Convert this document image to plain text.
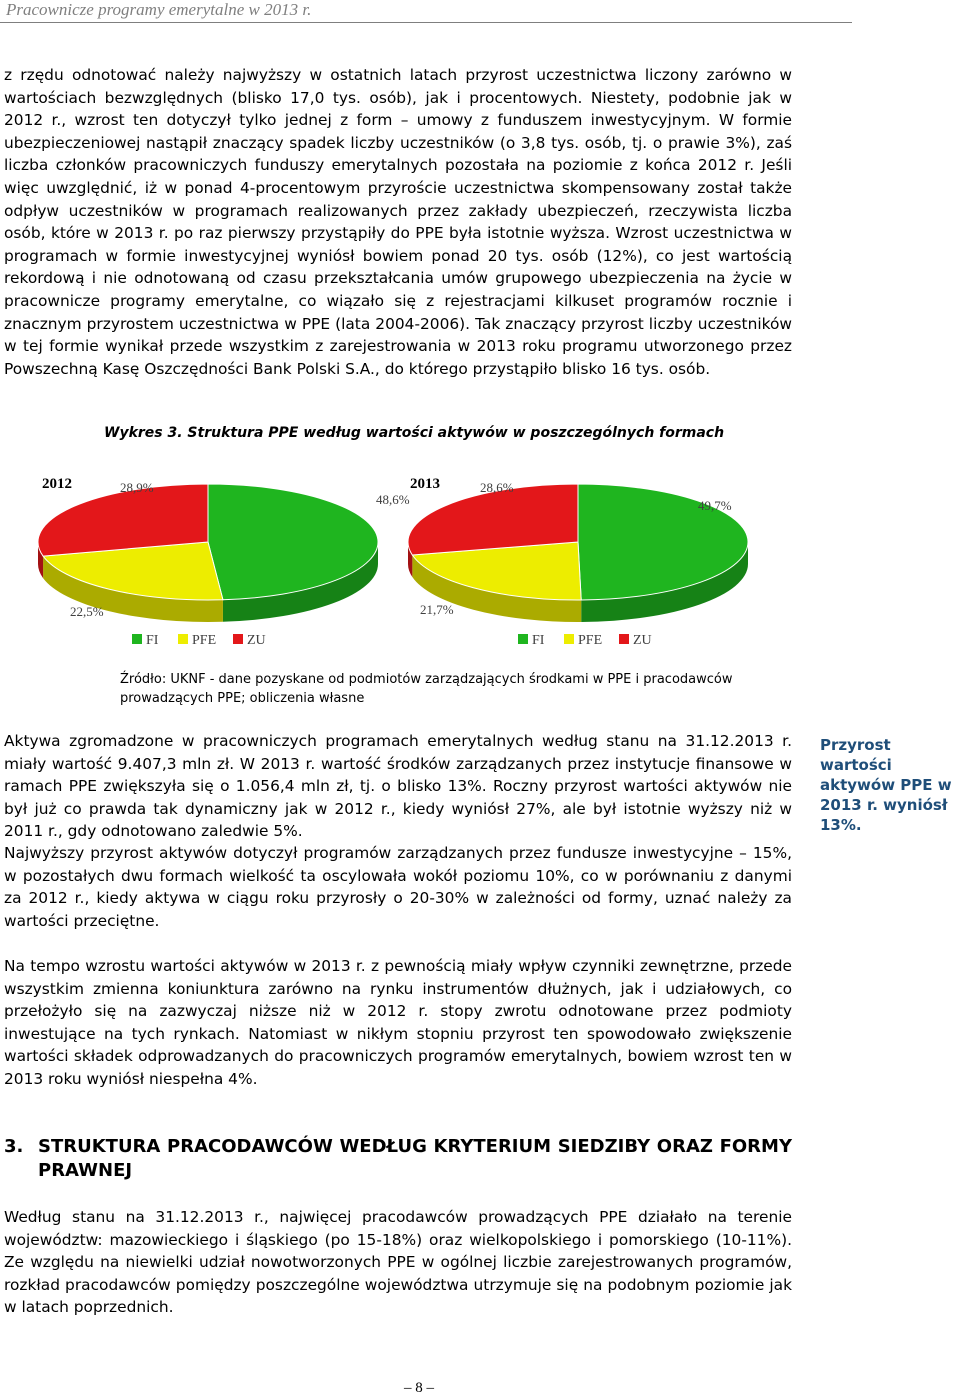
Pracownicze programy emerytalne w 2013 r.

z rzędu odnotować należy najwyższy w ostatnich latach przyrost uczestnictwa liczony zarówno w wartościach bezwzględnych (blisko 17,0 tys. osób), jak i procentowych. Niestety, podobnie jak w 2012 r., wzrost ten dotyczył tylko jednej z form – umowy z funduszem inwestycyjnym. W formie ubezpieczeniowej nastąpił znaczący spadek liczby uczestników (o 3,8 tys. osób, tj. o prawie 3%), zaś liczba członków pracowniczych funduszy emerytalnych pozostała na poziomie z końca 2012 r. Jeśli więc uwzględnić, iż w ponad 4-procentowym przyroście uczestnictwa skompensowany został także odpływ uczestników w programach realizowanych przez zakłady ubezpieczeń, rzeczywista liczba osób, które w 2013 r. po raz pierwszy przystąpiły do PPE była istotnie wyższa. Wzrost uczestnictwa w programach w formie inwestycyjnej wyniósł bowiem ponad 20 tys. osób (12%), co jest wartością rekordową i nie odnotowaną od czasu przekształcania umów grupowego ubezpieczenia na życie w pracownicze programy emerytalne, co wiązało się z rejestracjami kilkuset programów rocznie i znacznym przyrostem uczestnictwa w PPE (lata 2004-2006). Tak znaczący przyrost liczby uczestników w tej formie wynikał przede wszystkim z zarejestrowania w 2013 roku programu utworzonego przez Powszechną Kasę Oszczędności Bank Polski S.A., do którego przystąpiło blisko 16 tys. osób.

Wykres 3. Struktura PPE według wartości aktywów w poszczególnych formach
2012
48,6%
22,5%
28,9%
FI PFE ZU
2013
49,7%
21,7%
28,6%
FI PFE ZU
Źródło: UKNF - dane pozyskane od podmiotów zarządzających środkami w PPE i pracodawców prowadzących PPE; obliczenia własne

Aktywa zgromadzone w pracowniczych programach emerytalnych według stanu na 31.12.2013 r. miały wartość 9.407,3 mln zł. W 2013 r. wartość środków zarządzanych przez instytucje finansowe w ramach PPE zwiększyła się o 1.056,4 mln zł, tj. o blisko 13%. Roczny przyrost wartości aktywów nie był już co prawda tak dynamiczny jak w 2012 r., kiedy wyniósł 27%, ale był istotnie wyższy niż w 2011 r., gdy odnotowano zaledwie 5%.

Najwyższy przyrost aktywów dotyczył programów zarządzanych przez fundusze inwestycyjne – 15%, w pozostałych dwu formach wielkość ta oscylowała wokół poziomu 10%, co w porównaniu z danymi za 2012 r., kiedy aktywa w ciągu roku przyrosły o 20-30% w zależności od formy, uznać należy za wartości przeciętne.

Na tempo wzrostu wartości aktywów w 2013 r. z pewnością miały wpływ czynniki zewnętrzne, przede wszystkim zmienna koniunktura zarówno na rynku instrumentów dłużnych, jak i udziałowych, co przełożyło się na zazwyczaj niższe niż w 2012 r. stopy zwrotu odnotowane przez podmioty inwestujące na tych rynkach. Natomiast w nikłym stopniu przyrost ten spowodowało zwiększenie wartości składek odprowadzanych do pracowniczych programów emerytalnych, bowiem wzrost ten w 2013 roku wyniósł niespełna 4%.

Przyrost wartości aktywów PPE w 2013 r. wyniósł 13%.
3. STRUKTURA PRACODAWCÓW WEDŁUG KRYTERIUM SIEDZIBY ORAZ FORMY PRAWNEJ

Według stanu na 31.12.2013 r., najwięcej pracodawców prowadzących PPE działało na terenie województw: mazowieckiego i śląskiego (po 15-18%) oraz wielkopolskiego i pomorskiego (10-11%). Ze względu na niewielki udział nowotworzonych PPE w ogólnej liczbie zarejestrowanych programów, rozkład pracodawców pomiędzy poszczególne województwa utrzymuje się na podobnym poziomie jak w latach poprzednich.

– 8 –
